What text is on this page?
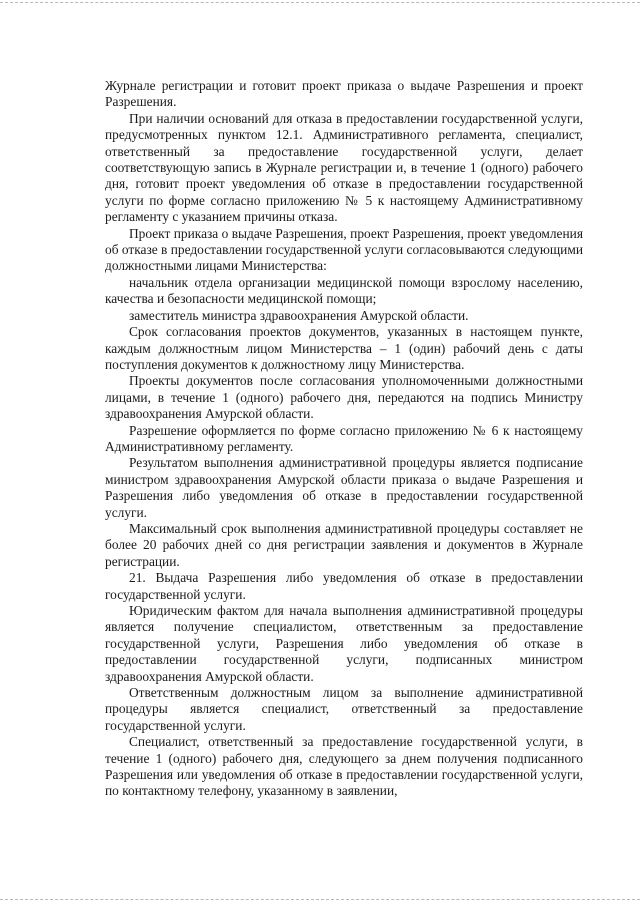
Журнале регистрации и готовит проект приказа о выдаче Разрешения и проект Разрешения.

При наличии оснований для отказа в предоставлении государственной услуги, предусмотренных пунктом 12.1. Административного регламента, специалист, ответственный за предоставление государственной услуги, делает соответствующую запись в Журнале регистрации и, в течение 1 (одного) рабочего дня, готовит проект уведомления об отказе в предоставлении государственной услуги по форме согласно приложению № 5 к настоящему Административному регламенту с указанием причины отказа.

Проект приказа о выдаче Разрешения, проект Разрешения, проект уведомления об отказе в предоставлении государственной услуги согласовываются следующими должностными лицами Министерства:

начальник отдела организации медицинской помощи взрослому населению, качества и безопасности медицинской помощи;

заместитель министра здравоохранения Амурской области.

Срок согласования проектов документов, указанных в настоящем пункте, каждым должностным лицом Министерства – 1 (один) рабочий день с даты поступления документов к должностному лицу Министерства.

Проекты документов после согласования уполномоченными должностными лицами, в течение 1 (одного) рабочего дня, передаются на подпись Министру здравоохранения Амурской области.

Разрешение оформляется по форме согласно приложению № 6 к настоящему Административному регламенту.

Результатом выполнения административной процедуры является подписание министром здравоохранения Амурской области приказа о выдаче Разрешения и Разрешения либо уведомления об отказе в предоставлении государственной услуги.

Максимальный срок выполнения административной процедуры составляет не более 20 рабочих дней со дня регистрации заявления и документов в Журнале регистрации.

21. Выдача Разрешения либо уведомления об отказе в предоставлении государственной услуги.

Юридическим фактом для начала выполнения административной процедуры является получение специалистом, ответственным за предоставление государственной услуги, Разрешения либо уведомления об отказе в предоставлении государственной услуги, подписанных министром здравоохранения Амурской области.

Ответственным должностным лицом за выполнение административной процедуры является специалист, ответственный за предоставление государственной услуги.

Специалист, ответственный за предоставление государственной услуги, в течение 1 (одного) рабочего дня, следующего за днем получения подписанного Разрешения или уведомления об отказе в предоставлении государственной услуги, по контактному телефону, указанному в заявлении,
